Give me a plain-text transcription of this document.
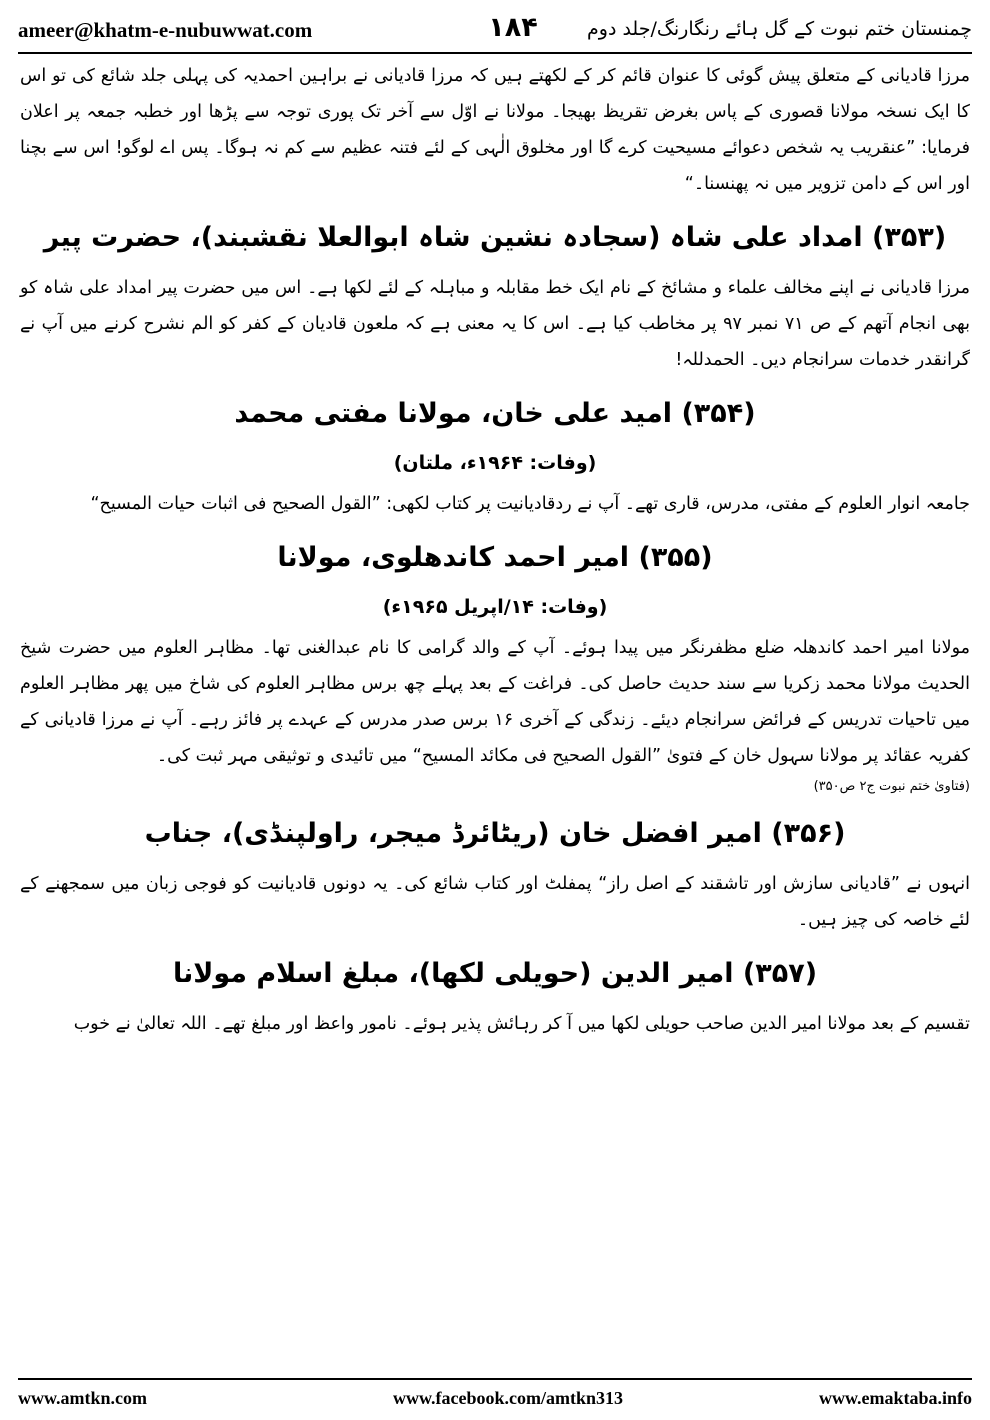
ameer@khatm-e-nubuwwat.com	۱۸۴	چمنستان ختم نبوت کے گل ہائے رنگارنگ/جلد دوم

مرزا قادیانی کے متعلق پیش گوئی کا عنوان قائم کر کے لکھتے ہیں کہ مرزا قادیانی نے براہین احمدیہ کی پہلی جلد شائع کی تو اس کا ایک نسخہ مولانا قصوری کے پاس بغرض تقریظ بھیجا۔ مولانا نے اوّل سے آخر تک پوری توجہ سے پڑھا اور خطبہ جمعہ پر اعلان فرمایا: ”عنقریب یہ شخص دعوائے مسیحیت کرے گا اور مخلوق الٰہی کے لئے فتنہ عظیم سے کم نہ ہوگا۔ پس اے لوگو! اس سے بچنا اور اس کے دامن تزویر میں نہ پھنسنا۔“

(۳۵۳) امداد علی شاہ (سجادہ نشین شاہ ابوالعلا نقشبند)، حضرت پیر

مرزا قادیانی نے اپنے مخالف علماء و مشائخ کے نام ایک خط مقابلہ و مباہلہ کے لئے لکھا ہے۔ اس میں حضرت پیر امداد علی شاہ کو بھی انجام آتھم کے ص ۷۱ نمبر ۹۷ پر مخاطب کیا ہے۔ اس کا یہ معنی ہے کہ ملعون قادیان کے کفر کو الم نشرح کرنے میں آپ نے گرانقدر خدمات سرانجام دیں۔ الحمدللہ!

(۳۵۴) امید علی خان، مولانا مفتی محمد
(وفات: ۱۹۶۴ء، ملتان)

جامعہ انوار العلوم کے مفتی، مدرس، قاری تھے۔ آپ نے ردقادیانیت پر کتاب لکھی: ”القول الصحیح فی اثبات حیات المسیح“

(۳۵۵) امیر احمد کاندھلوی، مولانا
(وفات: ۱۴/اپریل ۱۹۶۵ء)

مولانا امیر احمد کاندھلہ ضلع مظفرنگر میں پیدا ہوئے۔ آپ کے والد گرامی کا نام عبدالغنی تھا۔ مظاہر العلوم میں حضرت شیخ الحدیث مولانا محمد زکریا سے سند حدیث حاصل کی۔ فراغت کے بعد پہلے چھ برس مظاہر العلوم کی شاخ میں پھر مظاہر العلوم میں تاحیات تدریس کے فرائض سرانجام دیئے۔ زندگی کے آخری ۱۶ برس صدر مدرس کے عہدے پر فائز رہے۔ آپ نے مرزا قادیانی کے کفریہ عقائد پر مولانا سہول خان کے فتویٰ ”القول الصحیح فی مکائد المسیح“ میں تائیدی و توثیقی مہر ثبت کی۔

(فتاویٰ ختم نبوت ج۲ ص۳۵۰)
(۳۵۶) امیر افضل خان (ریٹائرڈ میجر، راولپنڈی)، جناب

انہوں نے ”قادیانی سازش اور تاشقند کے اصل راز“ پمفلٹ اور کتاب شائع کی۔ یہ دونوں قادیانیت کو فوجی زبان میں سمجھنے کے لئے خاصہ کی چیز ہیں۔

(۳۵۷) امیر الدین (حویلی لکھا)، مبلغ اسلام مولانا

تقسیم کے بعد مولانا امیر الدین صاحب حویلی لکھا میں آ کر رہائش پذیر ہوئے۔ نامور واعظ اور مبلغ تھے۔ اللہ تعالیٰ نے خوب

www.amtkn.com	www.facebook.com/amtkn313	www.emaktaba.info
